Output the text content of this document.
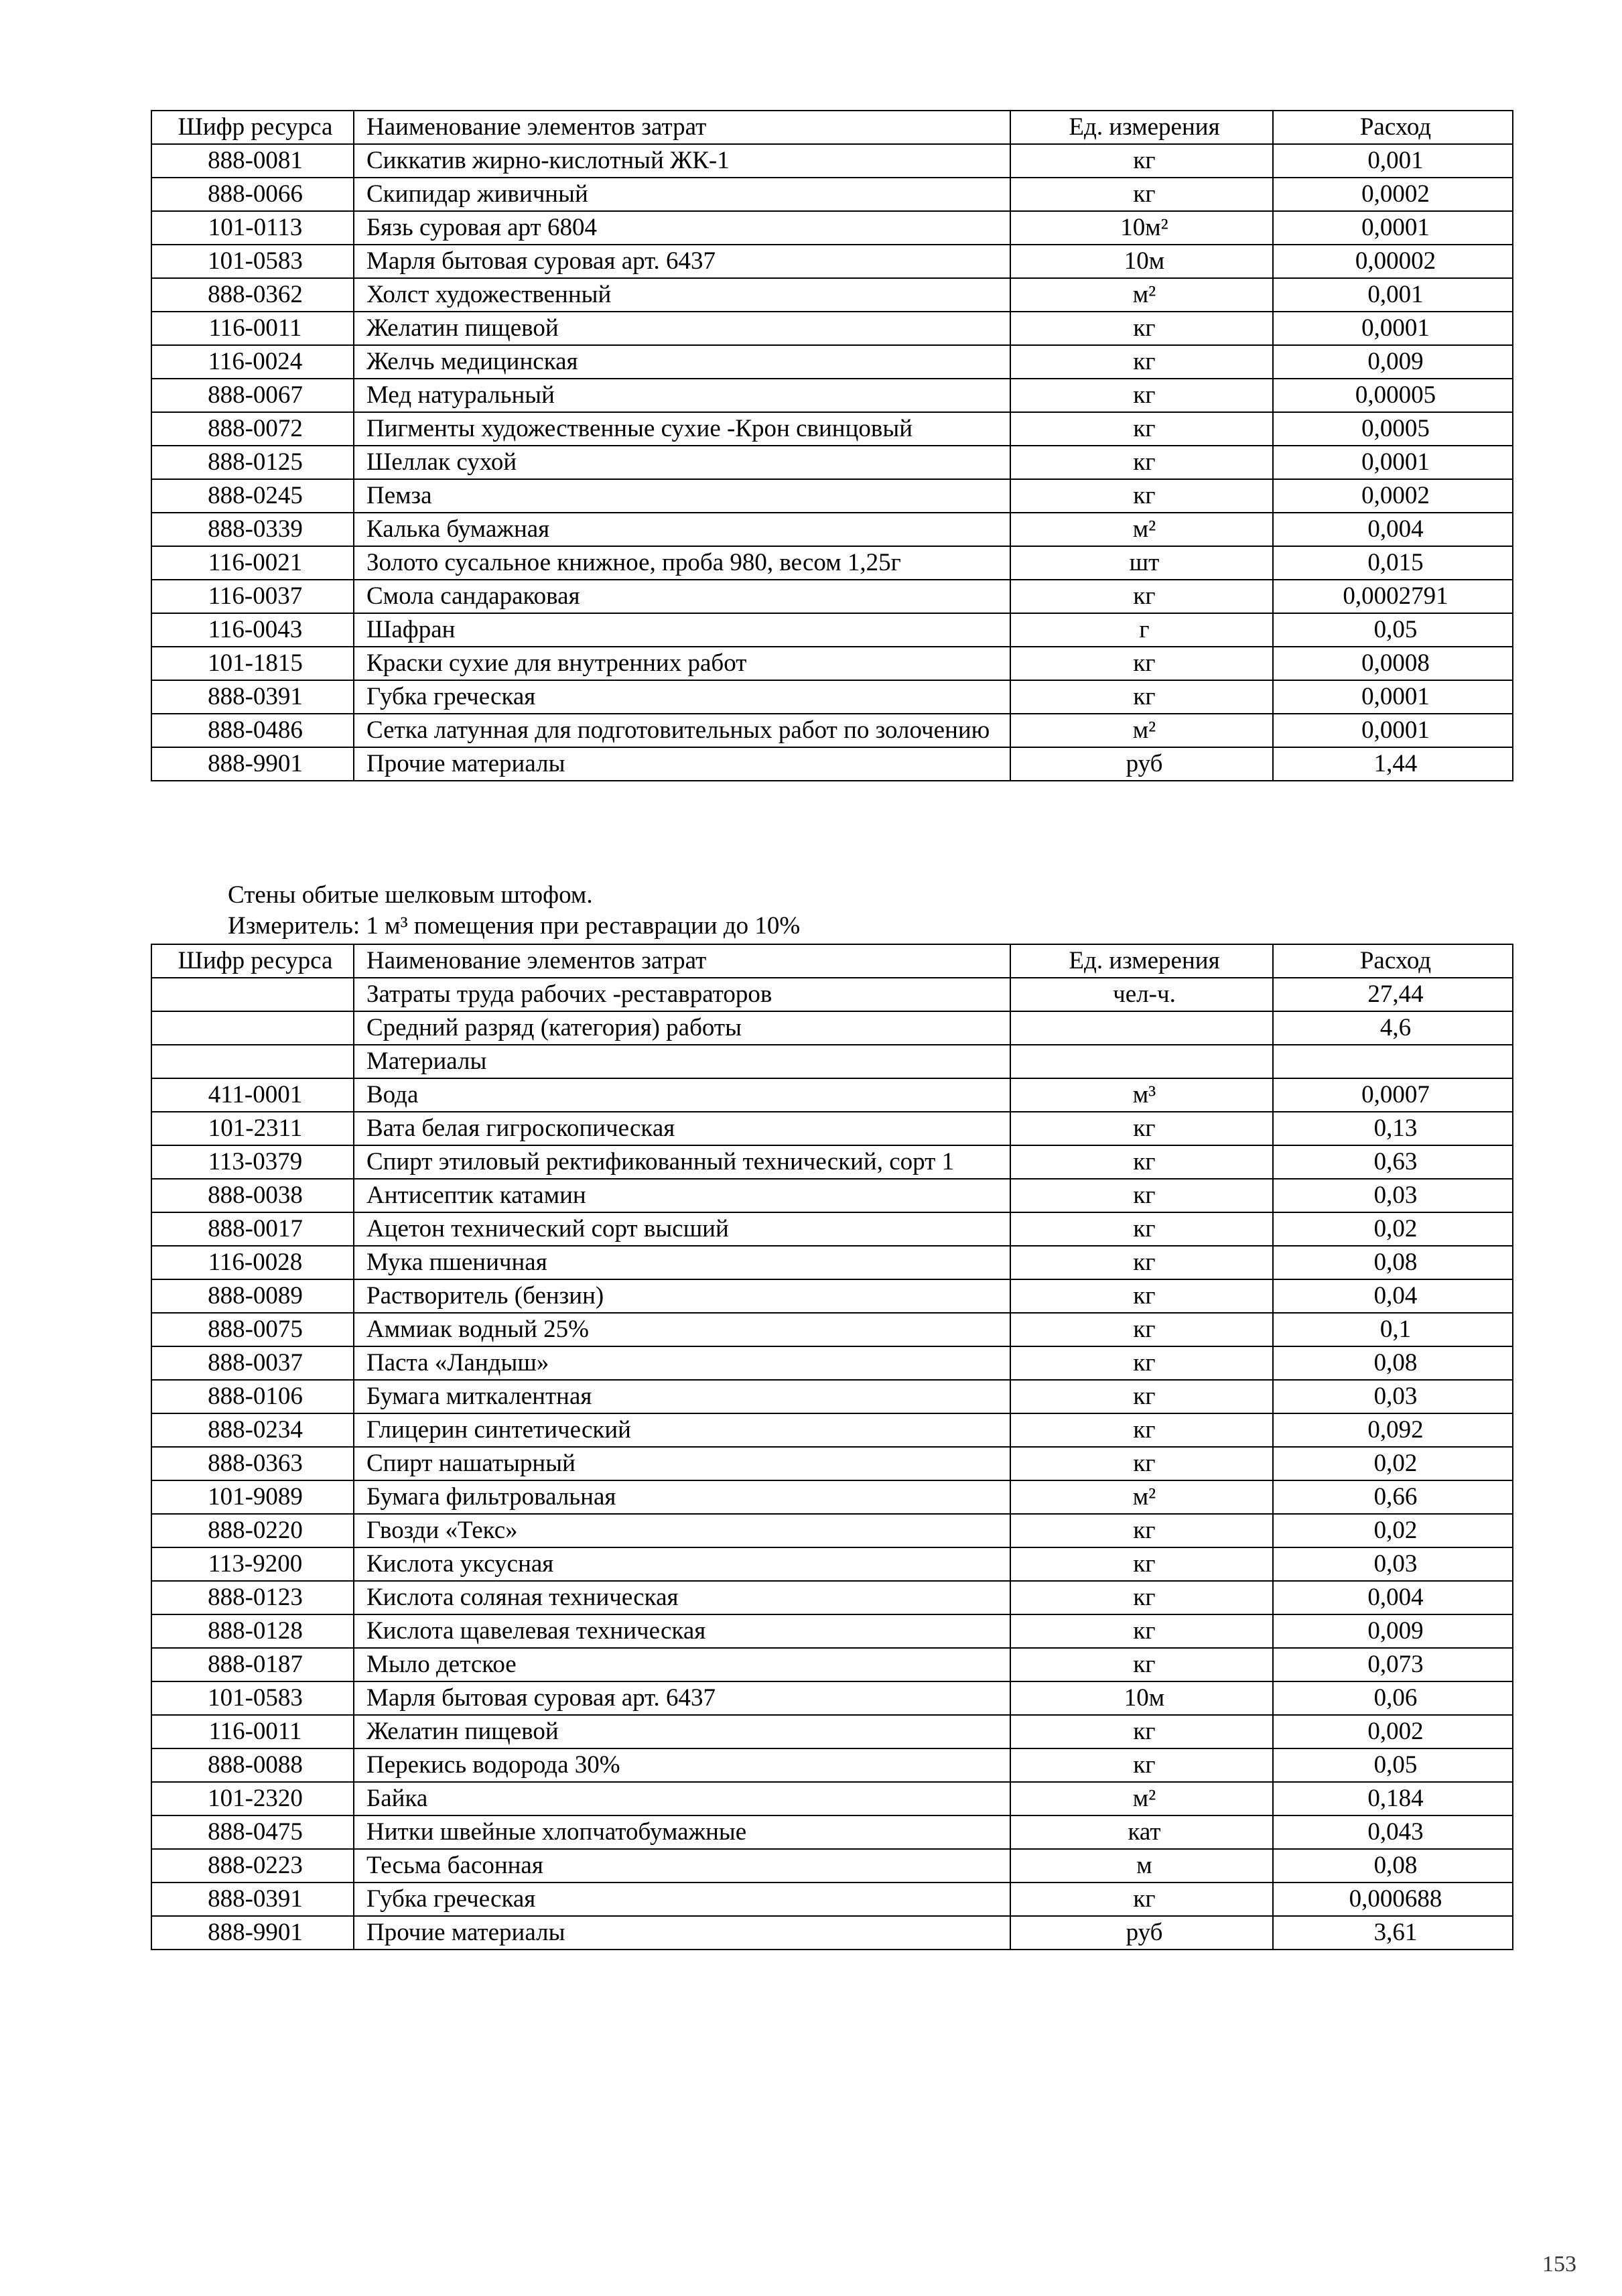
Шифр ресурса	Наименование элементов затрат	Ед. измерения	Расход
888-0081	Сиккатив жирно-кислотный ЖК-1	кг	0,001
888-0066	Скипидар живичный	кг	0,0002
101-0113	Бязь суровая арт 6804	10м²	0,0001
101-0583	Марля бытовая суровая арт. 6437	10м	0,00002
888-0362	Холст художественный	м²	0,001
116-0011	Желатин пищевой	кг	0,0001
116-0024	Желчь медицинская	кг	0,009
888-0067	Мед натуральный	кг	0,00005
888-0072	Пигменты художественные сухие -Крон свинцовый	кг	0,0005
888-0125	Шеллак сухой	кг	0,0001
888-0245	Пемза	кг	0,0002
888-0339	Калька бумажная	м²	0,004
116-0021	Золото сусальное книжное, проба 980, весом 1,25г	шт	0,015
116-0037	Смола сандараковая	кг	0,0002791
116-0043	Шафран	г	0,05
101-1815	Краски сухие для внутренних работ	кг	0,0008
888-0391	Губка греческая	кг	0,0001
888-0486	Сетка латунная для подготовительных работ по золочению	м²	0,0001
888-9901	Прочие материалы	руб	1,44
Стены обитые шелковым штофом.
Измеритель: 1 м³ помещения при реставрации до 10%
Шифр ресурса	Наименование элементов затрат	Ед. измерения	Расход
	Затраты труда рабочих -реставраторов	чел-ч.	27,44
	Средний разряд (категория) работы		4,6
	Материалы		
411-0001	Вода	м³	0,0007
101-2311	Вата белая гигроскопическая	кг	0,13
113-0379	Спирт этиловый ректификованный технический, сорт 1	кг	0,63
888-0038	Антисептик катамин	кг	0,03
888-0017	Ацетон технический сорт высший	кг	0,02
116-0028	Мука пшеничная	кг	0,08
888-0089	Растворитель (бензин)	кг	0,04
888-0075	Аммиак водный 25%	кг	0,1
888-0037	Паста «Ландыш»	кг	0,08
888-0106	Бумага миткалентная	кг	0,03
888-0234	Глицерин синтетический	кг	0,092
888-0363	Спирт нашатырный	кг	0,02
101-9089	Бумага фильтровальная	м²	0,66
888-0220	Гвозди «Текс»	кг	0,02
113-9200	Кислота уксусная	кг	0,03
888-0123	Кислота соляная техническая	кг	0,004
888-0128	Кислота щавелевая техническая	кг	0,009
888-0187	Мыло детское	кг	0,073
101-0583	Марля бытовая суровая арт. 6437	10м	0,06
116-0011	Желатин пищевой	кг	0,002
888-0088	Перекись водорода 30%	кг	0,05
101-2320	Байка	м²	0,184
888-0475	Нитки швейные хлопчатобумажные	кат	0,043
888-0223	Тесьма басонная	м	0,08
888-0391	Губка греческая	кг	0,000688
888-9901	Прочие материалы	руб	3,61
153
